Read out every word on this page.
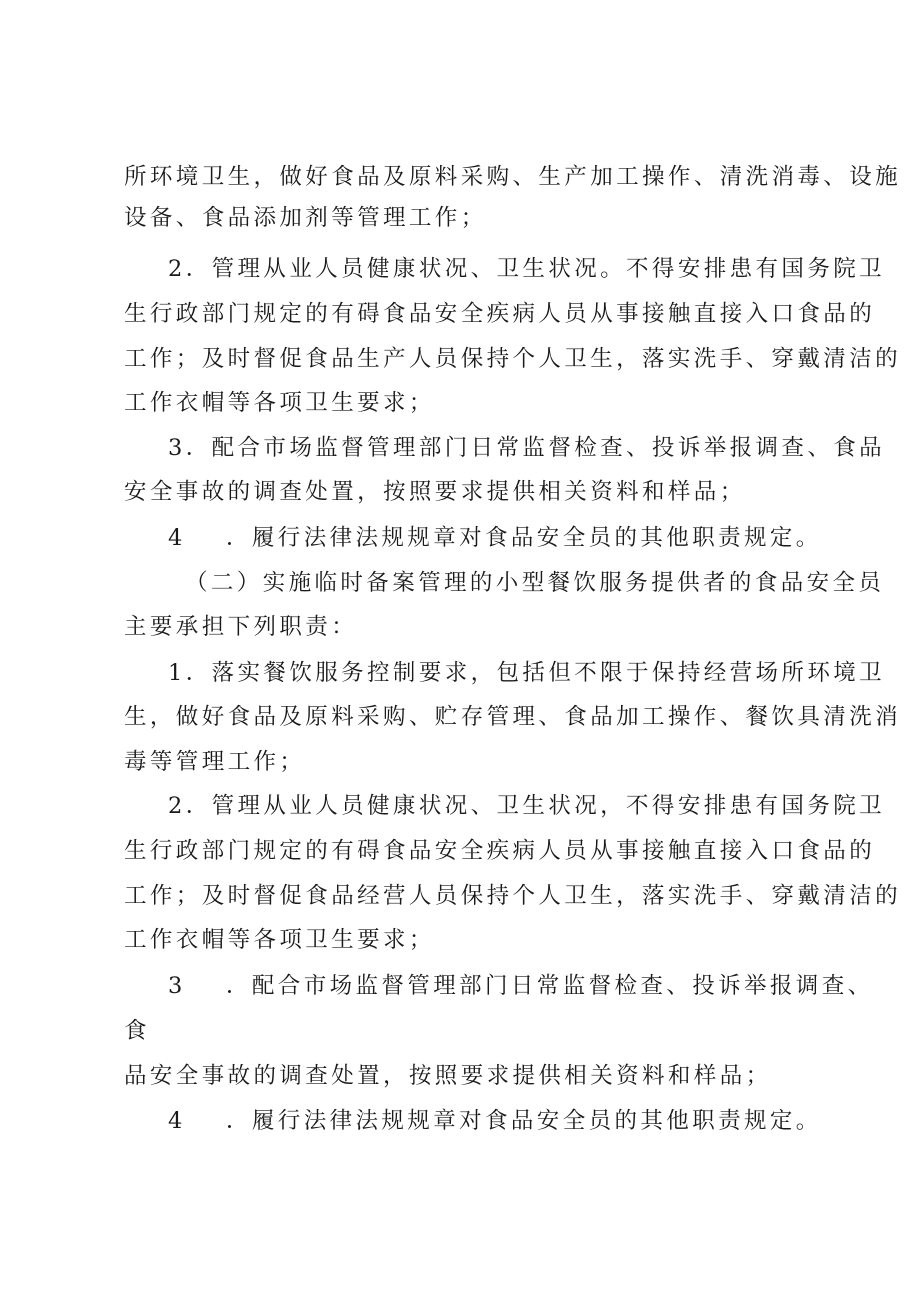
所环境卫生，做好食品及原料采购、生产加工操作、清洗消毒、设施
设备、食品添加剂等管理工作；
2．管理从业人员健康状况、卫生状况。不得安排患有国务院卫
生行政部门规定的有碍食品安全疾病人员从事接触直接入口食品的
工作；及时督促食品生产人员保持个人卫生，落实洗手、穿戴清洁的
工作衣帽等各项卫生要求；
3．配合市场监督管理部门日常监督检查、投诉举报调查、食品
安全事故的调查处置，按照要求提供相关资料和样品；
4 ．履行法律法规规章对食品安全员的其他职责规定。
（二）实施临时备案管理的小型餐饮服务提供者的食品安全员
主要承担下列职责：
1．落实餐饮服务控制要求，包括但不限于保持经营场所环境卫
生，做好食品及原料采购、贮存管理、食品加工操作、餐饮具清洗消
毒等管理工作；
2．管理从业人员健康状况、卫生状况，不得安排患有国务院卫
生行政部门规定的有碍食品安全疾病人员从事接触直接入口食品的
工作；及时督促食品经营人员保持个人卫生，落实洗手、穿戴清洁的
工作衣帽等各项卫生要求；
3 ．配合市场监督管理部门日常监督检查、投诉举报调查、
食
品安全事故的调查处置，按照要求提供相关资料和样品；
4 ．履行法律法规规章对食品安全员的其他职责规定。
